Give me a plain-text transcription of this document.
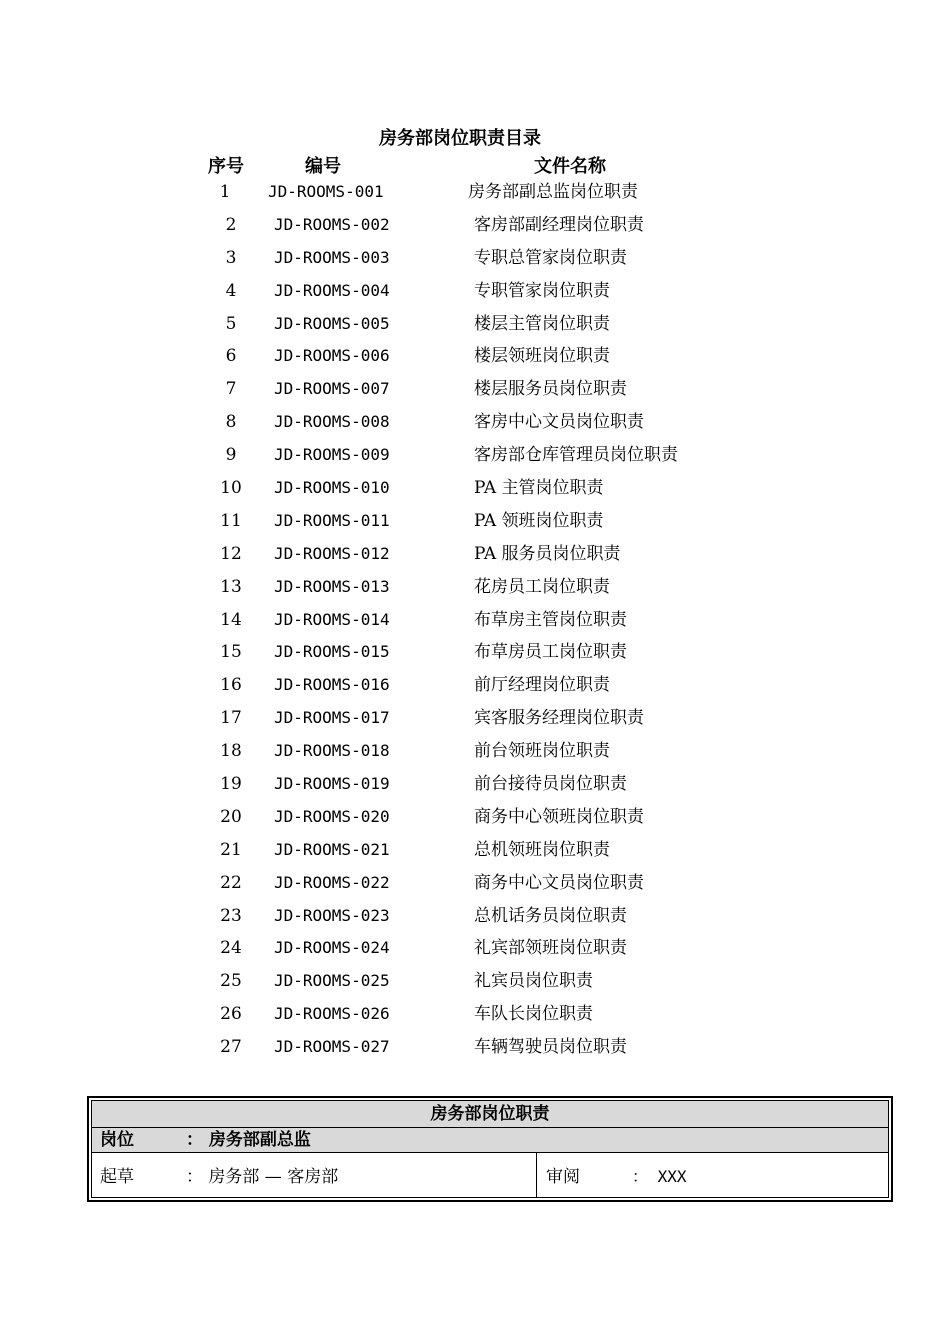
房务部岗位职责目录
序号	编号	文件名称
1	JD-ROOMS-001	房务部副总监岗位职责
2	JD-ROOMS-002	客房部副经理岗位职责
3	JD-ROOMS-003	专职总管家岗位职责
4	JD-ROOMS-004	专职管家岗位职责
5	JD-ROOMS-005	楼层主管岗位职责
6	JD-ROOMS-006	楼层领班岗位职责
7	JD-ROOMS-007	楼层服务员岗位职责
8	JD-ROOMS-008	客房中心文员岗位职责
9	JD-ROOMS-009	客房部仓库管理员岗位职责
10	JD-ROOMS-010	PA 主管岗位职责
11	JD-ROOMS-011	PA 领班岗位职责
12	JD-ROOMS-012	PA 服务员岗位职责
13	JD-ROOMS-013	花房员工岗位职责
14	JD-ROOMS-014	布草房主管岗位职责
15	JD-ROOMS-015	布草房员工岗位职责
16	JD-ROOMS-016	前厅经理岗位职责
17	JD-ROOMS-017	宾客服务经理岗位职责
18	JD-ROOMS-018	前台领班岗位职责
19	JD-ROOMS-019	前台接待员岗位职责
20	JD-ROOMS-020	商务中心领班岗位职责
21	JD-ROOMS-021	总机领班岗位职责
22	JD-ROOMS-022	商务中心文员岗位职责
23	JD-ROOMS-023	总机话务员岗位职责
24	JD-ROOMS-024	礼宾部领班岗位职责
25	JD-ROOMS-025	礼宾员岗位职责
26	JD-ROOMS-026	车队长岗位职责
27	JD-ROOMS-027	车辆驾驶员岗位职责
房务部岗位职责
岗位	： 房务部副总监
起草	： 房务部 — 客房部	审阅	： XXX
